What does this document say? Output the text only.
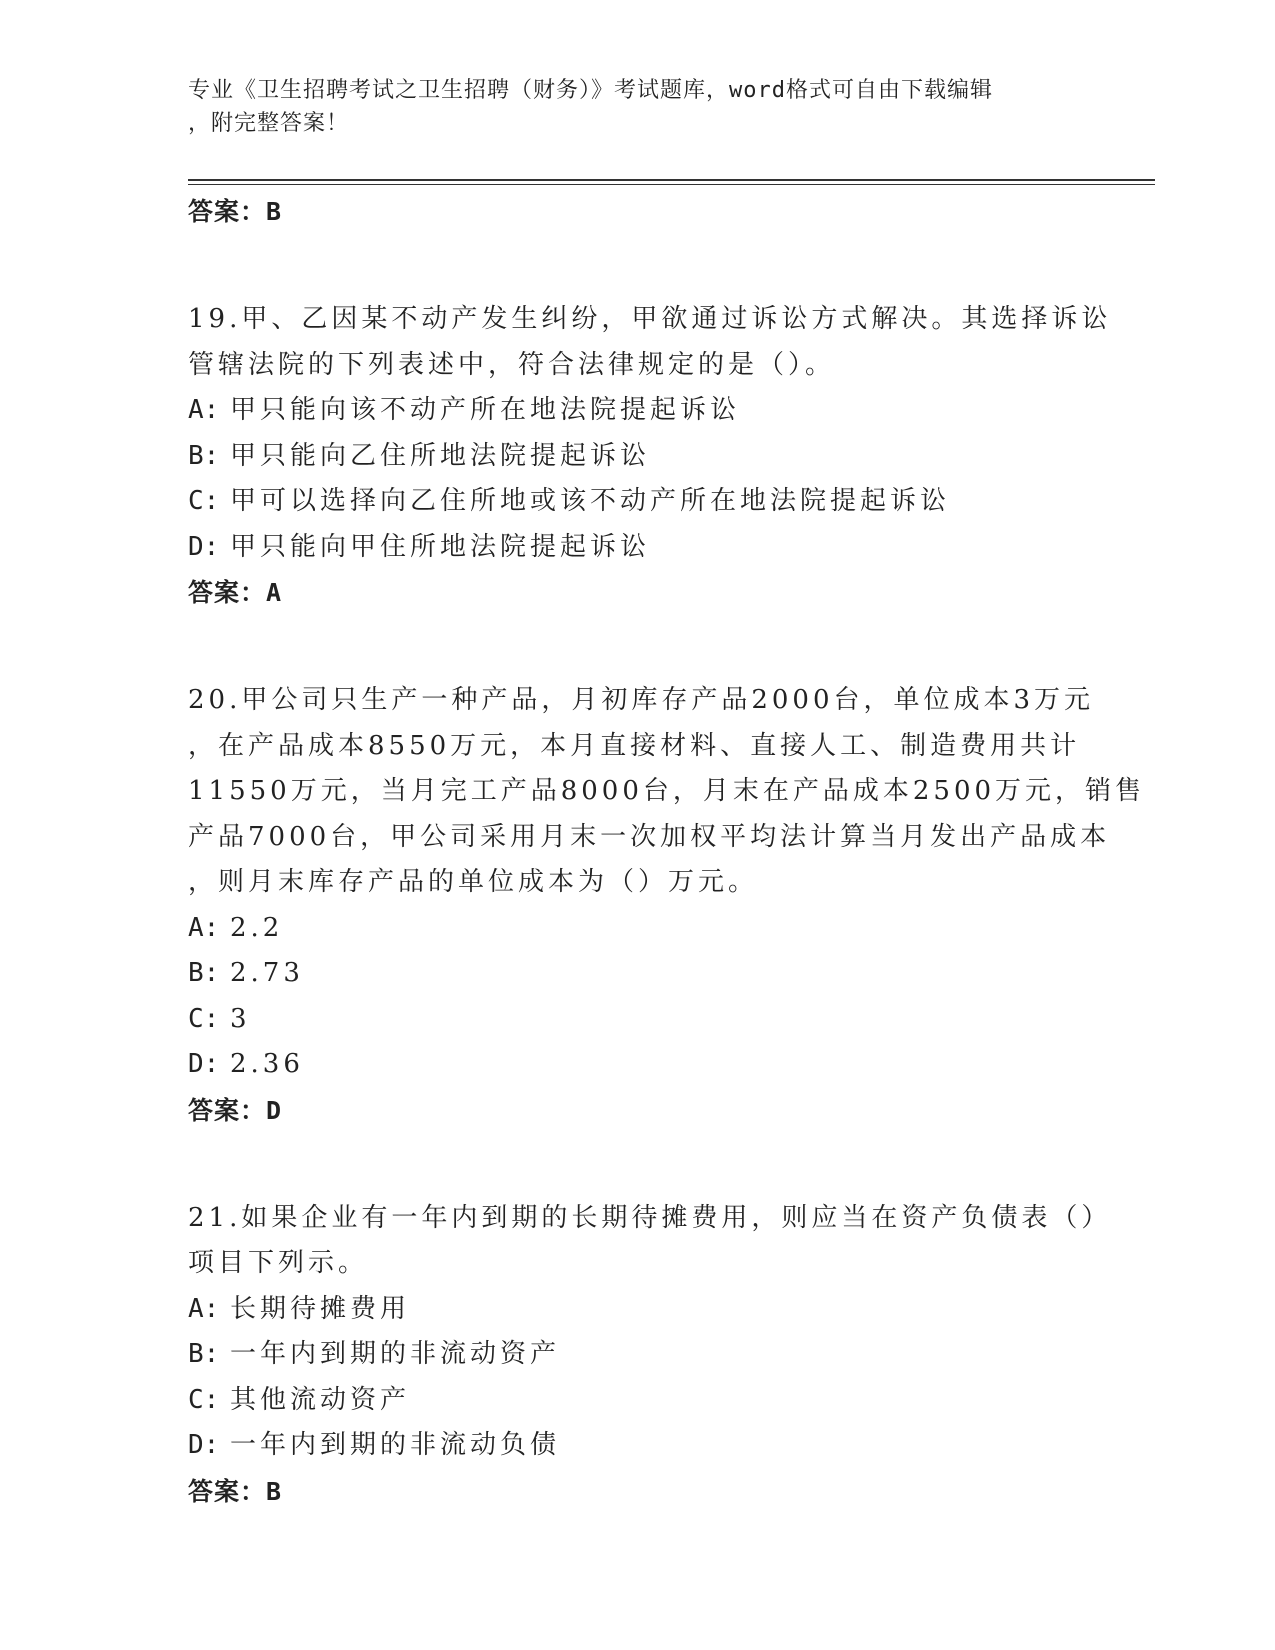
专业《卫生招聘考试之卫生招聘（财务）》考试题库，word格式可自由下载编辑
，附完整答案！
答案：B
19.甲、乙因某不动产发生纠纷，甲欲通过诉讼方式解决。其选择诉讼
管辖法院的下列表述中，符合法律规定的是（）。
A: 甲只能向该不动产所在地法院提起诉讼
B: 甲只能向乙住所地法院提起诉讼
C: 甲可以选择向乙住所地或该不动产所在地法院提起诉讼
D: 甲只能向甲住所地法院提起诉讼
答案：A
20.甲公司只生产一种产品，月初库存产品2000台，单位成本3万元
，在产品成本8550万元，本月直接材料、直接人工、制造费用共计
11550万元，当月完工产品8000台，月末在产品成本2500万元，销售
产品7000台，甲公司采用月末一次加权平均法计算当月发出产品成本
，则月末库存产品的单位成本为（）万元。
A: 2.2
B: 2.73
C: 3
D: 2.36
答案：D
21.如果企业有一年内到期的长期待摊费用，则应当在资产负债表（）
项目下列示。
A: 长期待摊费用
B: 一年内到期的非流动资产
C: 其他流动资产
D: 一年内到期的非流动负债
答案：B
